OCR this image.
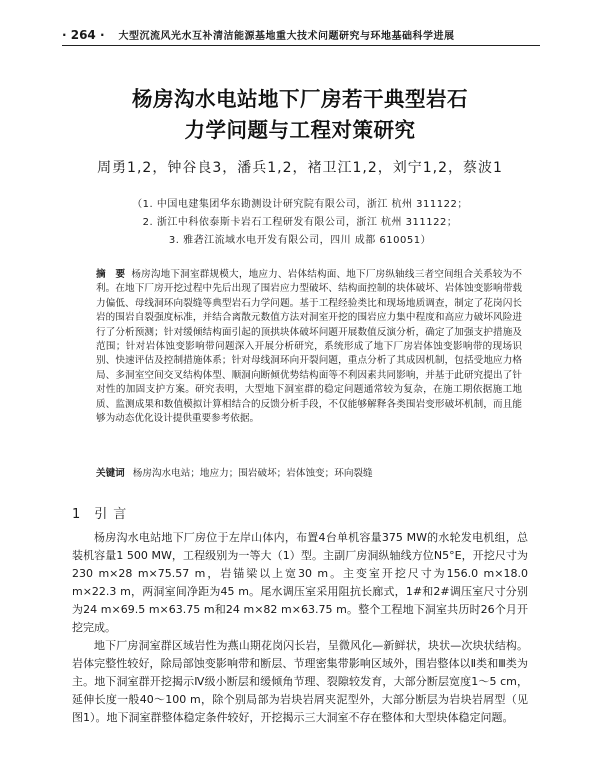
· 264 · 大型沉流风光水互补清洁能源基地重大技术问题研究与环地基础科学进展
杨房沟水电站地下厂房若干典型岩石
力学问题与工程对策研究
周勇1,2，钟谷良3，潘兵1,2，褚卫江1,2，刘宁1,2，蔡波1
（1. 中国电建集团华东勘测设计研究院有限公司，浙江 杭州 311122；
2. 浙江中科依泰斯卡岩石工程研发有限公司，浙江 杭州 311122；
3. 雅砻江流域水电开发有限公司，四川 成都 610051）
摘　要 杨房沟地下洞室群规模大，地应力、岩体结构面、地下厂房纵轴线三者空间组合关系较为不利。在地下厂房开挖过程中先后出现了围岩应力型破坏、结构面控制的块体破坏、岩体蚀变影响带载力偏低、母线洞环向裂缝等典型岩石力学问题。基于工程经验类比和现场地质调查，制定了花岗闪长岩的围岩自裂强度标准，并结合离散元数值方法对洞室开挖的围岩应力集中程度和高应力破坏风险进行了分析预测；针对缓倾结构面引起的顶拱块体破坏问题开展数值反演分析，确定了加强支护措施及范围；针对岩体蚀变影响带问题深入开展分析研究，系统形成了地下厂房岩体蚀变影响带的现场识别、快速评估及控制措施体系；针对母线洞环向开裂问题，重点分析了其成因机制，包括受地应力格局、多洞室空间交叉结构体型、顺洞向断倾优势结构面等不利因素共同影响，并基于此研究提出了针对性的加固支护方案。研究表明，大型地下洞室群的稳定问题通常较为复杂，在施工期依据施工地质、监测成果和数值模拟计算相结合的反馈分析手段，不仅能够解释各类围岩变形破坏机制，而且能够为动态优化设计提供重要参考依据。
关键词 杨房沟水电站；地应力；围岩破坏；岩体蚀变；环向裂缝
1 引言
杨房沟水电站地下厂房位于左岸山体内，布置4台单机容量375 MW的水轮发电机组，总装机容量1 500 MW，工程级别为一等大（1）型。主副厂房洞纵轴线方位N5°E，开挖尺寸为230 m×28 m×75.57 m，岩锚梁以上宽30 m。主变室开挖尺寸为156.0 m×18.0 m×22.3 m，两洞室间净距为45 m。尾水调压室采用阻抗长廊式，1#和2#调压室尺寸分别为24 m×69.5 m×63.75 m和24 m×82 m×63.75 m。整个工程地下洞室共历时26个月开挖完成。
地下厂房洞室群区域岩性为燕山期花岗闪长岩，呈微风化—新鲜状，块状—次块状结构。岩体完整性较好，除局部蚀变影响带和断层、节理密集带影响区域外，围岩整体以Ⅱ类和Ⅲ类为主。地下洞室群开挖揭示Ⅳ级小断层和缓倾角节理、裂隙较发育，大部分断层宽度1～5 cm，延伸长度一般40～100 m，除个别局部为岩块岩屑夹泥型外，大部分断层为岩块岩屑型（见图1）。地下洞室群整体稳定条件较好，开挖揭示三大洞室不存在整体和大型块体稳定问题。
